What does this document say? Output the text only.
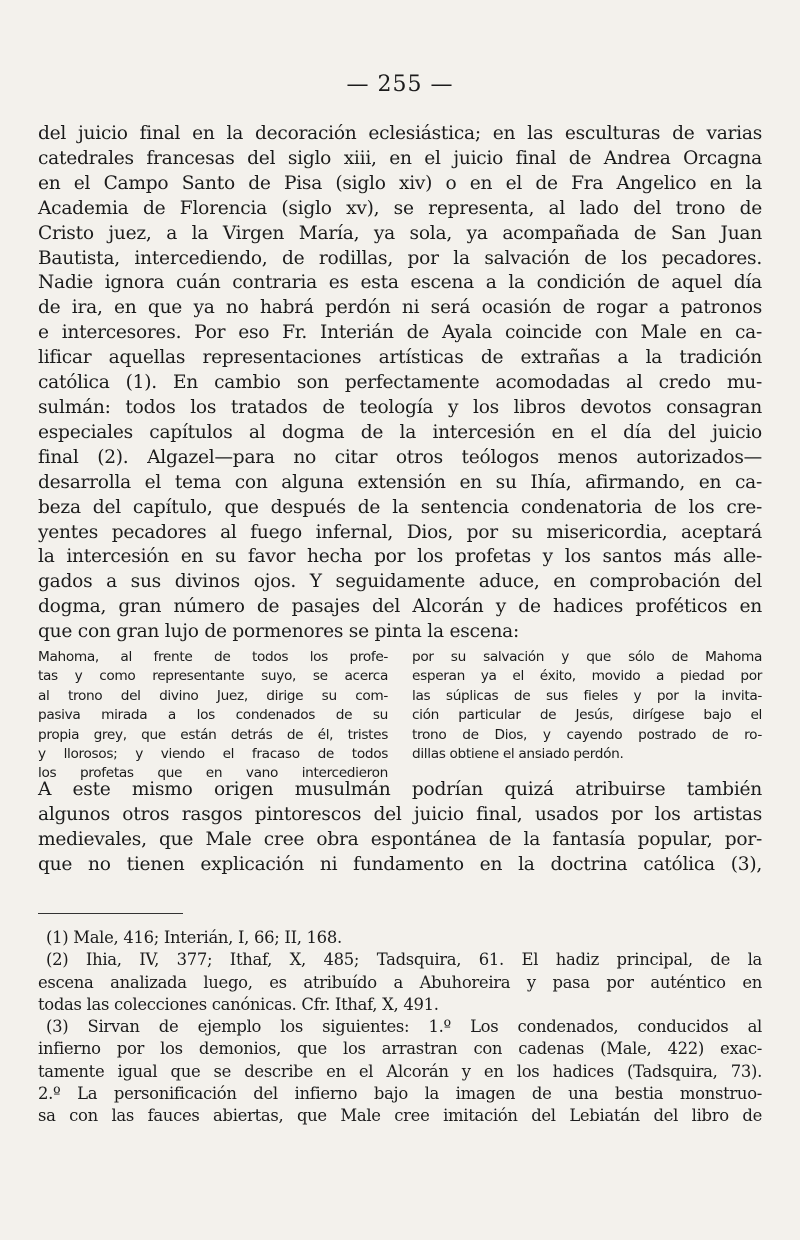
— 255 —
del juicio final en la decoración eclesiástica; en las esculturas de varias
catedrales francesas del siglo xiii, en el juicio final de Andrea Orcagna
en el Campo Santo de Pisa (siglo xiv) o en el de Fra Angelico en la
Academia de Florencia (siglo xv), se representa, al lado del trono de
Cristo juez, a la Virgen María, ya sola, ya acompañada de San Juan
Bautista, intercediendo, de rodillas, por la salvación de los pecadores.
Nadie ignora cuán contraria es esta escena a la condición de aquel día
de ira, en que ya no habrá perdón ni será ocasión de rogar a patronos
e intercesores. Por eso Fr. Interián de Ayala coincide con Male en ca-
lificar aquellas representaciones artísticas de extrañas a la tradición
católica (1). En cambio son perfectamente acomodadas al credo mu-
sulmán: todos los tratados de teología y los libros devotos consagran
especiales capítulos al dogma de la intercesión en el día del juicio
final (2). Algazel—para no citar otros teólogos menos autorizados—
desarrolla el tema con alguna extensión en su Ihía, afirmando, en ca-
beza del capítulo, que después de la sentencia condenatoria de los cre-
yentes pecadores al fuego infernal, Dios, por su misericordia, aceptará
la intercesión en su favor hecha por los profetas y los santos más alle-
gados a sus divinos ojos. Y seguidamente aduce, en comprobación del
dogma, gran número de pasajes del Alcorán y de hadices proféticos en
que con gran lujo de pormenores se pinta la escena:
Mahoma, al frente de todos los profe-
tas y como representante suyo, se acerca
al trono del divino Juez, dirige su com-
pasiva mirada a los condenados de su
propia grey, que están detrás de él, tristes
y llorosos; y viendo el fracaso de todos
los profetas que en vano intercedieron
por su salvación y que sólo de Mahoma
esperan ya el éxito, movido a piedad por
las súplicas de sus fieles y por la invita-
ción particular de Jesús, dirígese bajo el
trono de Dios, y cayendo postrado de ro-
dillas obtiene el ansiado perdón.
A este mismo origen musulmán podrían quizá atribuirse también
algunos otros rasgos pintorescos del juicio final, usados por los artistas
medievales, que Male cree obra espontánea de la fantasía popular, por-
que no tienen explicación ni fundamento en la doctrina católica (3),
(1) Male, 416; Interián, I, 66; II, 168.
(2) Ihia, IV, 377; Ithaf, X, 485; Tadsquira, 61. El hadiz principal, de la
escena analizada luego, es atribuído a Abuhoreira y pasa por auténtico en
todas las colecciones canónicas. Cfr. Ithaf, X, 491.
(3) Sirvan de ejemplo los siguientes: 1.º Los condenados, conducidos al
infierno por los demonios, que los arrastran con cadenas (Male, 422) exac-
tamente igual que se describe en el Alcorán y en los hadices (Tadsquira, 73).
2.º La personificación del infierno bajo la imagen de una bestia monstruo-
sa con las fauces abiertas, que Male cree imitación del Lebiatán del libro de
